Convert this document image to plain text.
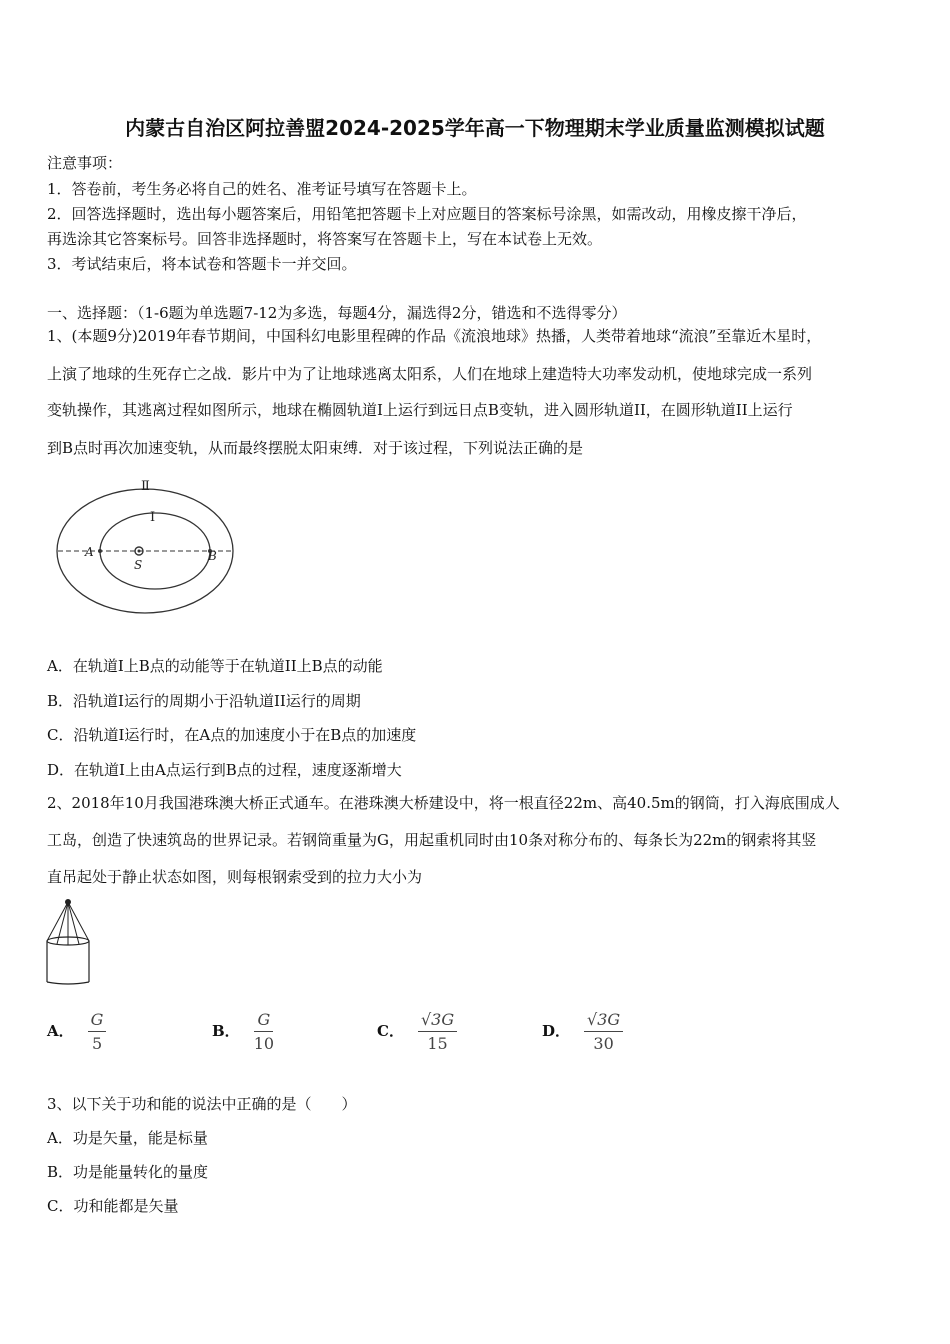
内蒙古自治区阿拉善盟2024-2025学年高一下物理期末学业质量监测模拟试题
注意事项：
1．答卷前，考生务必将自己的姓名、准考证号填写在答题卡上。
2．回答选择题时，选出每小题答案后，用铅笔把答题卡上对应题目的答案标号涂黑，如需改动，用橡皮擦干净后，
再选涂其它答案标号。回答非选择题时，将答案写在答题卡上，写在本试卷上无效。
3．考试结束后，将本试卷和答题卡一并交回。
一、选择题：（1-6题为单选题7-12为多选，每题4分，漏选得2分，错选和不选得零分）
1、(本题9分)2019年春节期间，中国科幻电影里程碑的作品《流浪地球》热播，人类带着地球“流浪”至靠近木星时，
上演了地球的生死存亡之战．影片中为了让地球逃离太阳系，人们在地球上建造特大功率发动机，使地球完成一系列
变轨操作，其逃离过程如图所示，地球在椭圆轨道I上运行到远日点B变轨，进入圆形轨道II，在圆形轨道II上运行
到B点时再次加速变轨，从而最终摆脱太阳束缚．对于该过程，下列说法正确的是
Ⅱ
I
A	B
S
A．在轨道I上B点的动能等于在轨道II上B点的动能
B．沿轨道I运行的周期小于沿轨道II运行的周期
C．沿轨道I运行时，在A点的加速度小于在B点的加速度
D．在轨道I上由A点运行到B点的过程，速度逐渐增大
2、2018年10月我国港珠澳大桥正式通车。在港珠澳大桥建设中，将一根直径22m、高40.5m的钢筒，打入海底围成人
工岛，创造了快速筑岛的世界记录。若钢筒重量为G，用起重机同时由10条对称分布的、每条长为22m的钢索将其竖
直吊起处于静止状态如图，则每根钢索受到的拉力大小为
A． $\frac{G}{5}$	B． $\frac{G}{10}$	C． $\frac{√3G}{15}$	D． $\frac{√3G}{30}$
3、以下关于功和能的说法中正确的是（　　）
A．功是矢量，能是标量
B．功是能量转化的量度
C．功和能都是矢量
